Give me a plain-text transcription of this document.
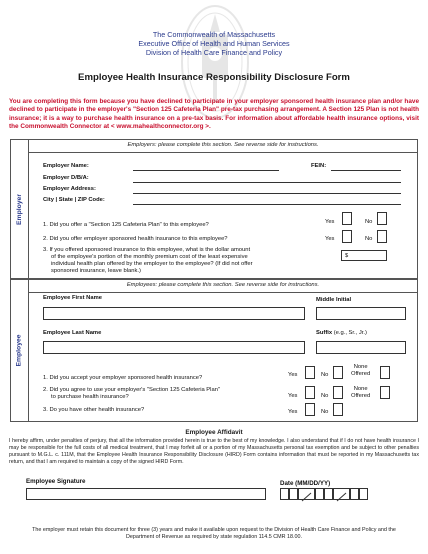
The Commonwealth of Massachusetts
Executive Office of Health and Human Services
Division of Health Care Finance and Policy
Employee Health Insurance Responsibility Disclosure Form
You are completing this form because you have declined to participate in your employer sponsored health insurance plan and/or have declined to participate in the employer's "Section 125 Cafeteria Plan" pre-tax purchasing arrangement. A Section 125 Plan is not health insurance; it is a way to purchase health insurance on a pre-tax basis. For information about affordable health insurance options, visit the Commonwealth Connector at < www.mahealthconnector.org >.
Employer
Employers: please complete this section. See reverse side for instructions.
Employer Name:	FEIN:
Employer D/B/A:
Employer Address:
City | State | ZIP Code:
1. Did you offer a "Section 125 Cafeteria Plan" to this employee?	Yes	No
2. Did you offer employer sponsored health insurance to this employee?	Yes	No
3. If you offered sponsored insurance to this employee, what is the dollar amount
of the employee's portion of the monthly premium cost of the least expensive
individual health plan offered by the employer to the employee? (If did not offer
sponsored insurance, leave blank.)
$
Employee
Employees: please complete this section. See reverse side for instructions.
Employee First Name	Middle Initial
Employee Last Name	Suffix (e.g., Sr., Jr.)
1. Did you accept your employer sponsored health insurance?	Yes	No
None
Offered
2. Did you agree to use your employer's "Section 125 Cafeteria Plan"
to purchase health insurance?	Yes	No
None
Offered
3. Do you have other health insurance?	Yes	No
Employee Affidavit
I hereby affirm, under penalties of perjury, that all the information provided herein is true to the best of my knowledge. I also understand that if I do not have health insurance I may be responsible for the full costs of all medical treatment, that I may forfeit all or a portion of my Massachusetts personal tax exemption and be subject to other penalties pursuant to M.G.L. c. 111M, that the Employee Health Insurance Responsibility Disclosure (HIRD) Form contains information that must be reported in my Massachusetts tax return, and that I am required to maintain a copy of the signed HIRD Form.
Employee Signature	Date (MM/DD/YY)
The employer must retain this document for three (3) years and make it available upon request to the Division of Health Care Finance and Policy and the Department of Revenue as required by state regulation 114.5 CMR 18.00.
